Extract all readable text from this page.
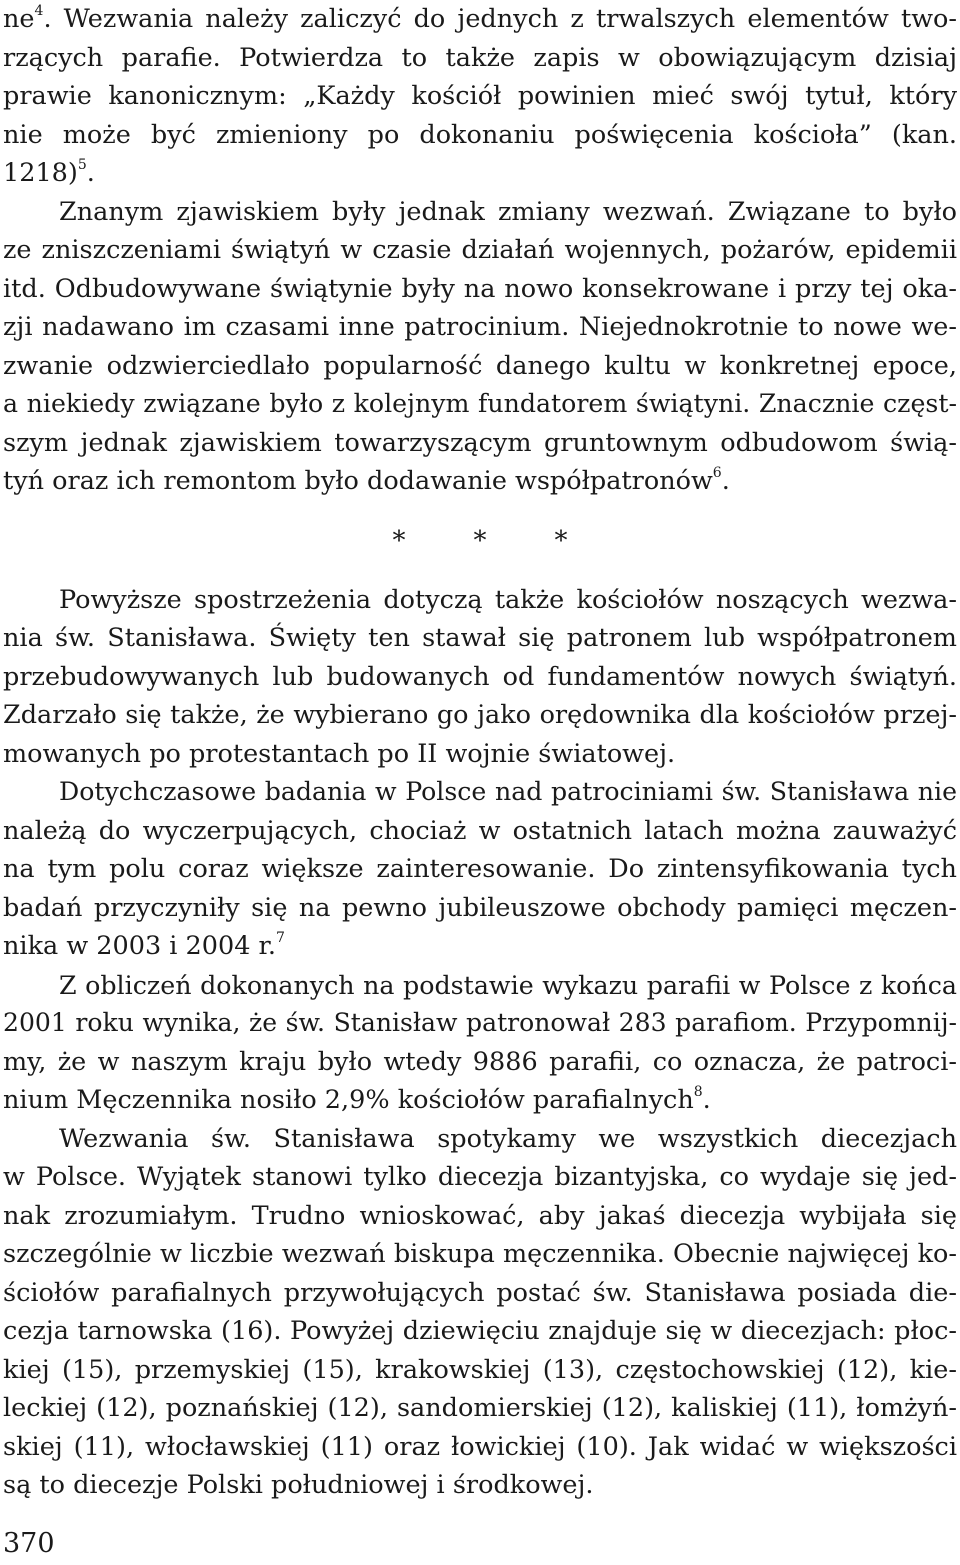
$ne^4$. Wezwania należy zaliczyć do jednych z trwalszych elementów two-
rzących parafie. Potwierdza to także zapis w obowiązującym dzisiaj
prawie kanonicznym: „Każdy kościół powinien mieć swój tytuł, który
nie może być zmieniony po dokonaniu poświęcenia kościoła” (kan.
1218)$^5$.
Znanym zjawiskiem były jednak zmiany wezwań. Związane to było
ze zniszczeniami świątyń w czasie działań wojennych, pożarów, epidemii
itd. Odbudowywane świątynie były na nowo konsekrowane i przy tej oka-
zji nadawano im czasami inne patrocinium. Niejednokrotnie to nowe we-
zwanie odzwierciedlało popularność danego kultu w konkretnej epoce,
a niekiedy związane było z kolejnym fundatorem świątyni. Znacznie częst-
szym jednak zjawiskiem towarzyszącym gruntownym odbudowom świą-
tyń oraz ich remontom było dodawanie współpatronów$^6$.
*	*	*
Powyższe spostrzeżenia dotyczą także kościołów noszących wezwa-
nia św. Stanisława. Święty ten stawał się patronem lub współpatronem
przebudowywanych lub budowanych od fundamentów nowych świątyń.
Zdarzało się także, że wybierano go jako orędownika dla kościołów przej-
mowanych po protestantach po II wojnie światowej.
Dotychczasowe badania w Polsce nad patrociniami św. Stanisława nie
należą do wyczerpujących, chociaż w ostatnich latach można zauważyć
na tym polu coraz większe zainteresowanie. Do zintensyfikowania tych
badań przyczyniły się na pewno jubileuszowe obchody pamięci męczen-
nika w 2003 i 2004 r.$^7$
Z obliczeń dokonanych na podstawie wykazu parafii w Polsce z końca
2001 roku wynika, że św. Stanisław patronował 283 parafiom. Przypomnij-
my, że w naszym kraju było wtedy 9886 parafii, co oznacza, że patroci-
nium Męczennika nosiło 2,9% kościołów parafialnych$^8$.
Wezwania św. Stanisława spotykamy we wszystkich diecezjach
w Polsce. Wyjątek stanowi tylko diecezja bizantyjska, co wydaje się jed-
nak zrozumiałym. Trudno wnioskować, aby jakaś diecezja wybijała się
szczególnie w liczbie wezwań biskupa męczennika. Obecnie najwięcej ko-
ściołów parafialnych przywołujących postać św. Stanisława posiada die-
cezja tarnowska (16). Powyżej dziewięciu znajduje się w diecezjach: płoc-
kiej (15), przemyskiej (15), krakowskiej (13), częstochowskiej (12), kie-
leckiej (12), poznańskiej (12), sandomierskiej (12), kaliskiej (11), łomżyń-
skiej (11), włocławskiej (11) oraz łowickiej (10). Jak widać w większości
są to diecezje Polski południowej i środkowej.
370
